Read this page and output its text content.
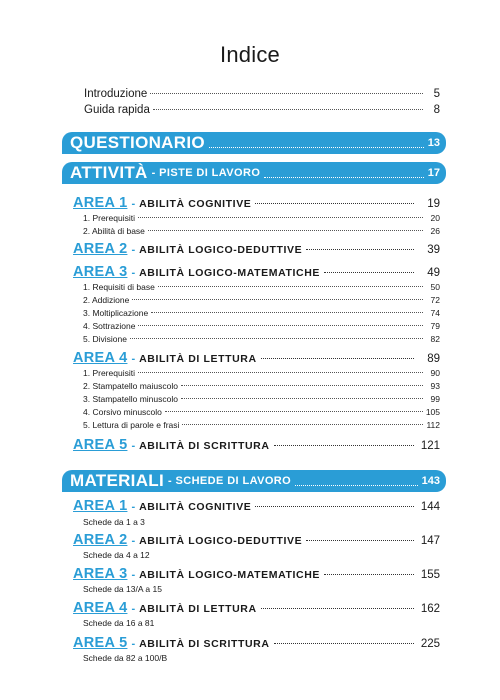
Indice
Introduzione	5
Guida rapida	8
QUESTIONARIO	13
ATTIVITÀ - PISTE DI LAVORO	17
AREA 1 - ABILITÀ COGNITIVE	19
1. Prerequisiti	20
2. Abilità di base	26
AREA 2 - ABILITÀ LOGICO-DEDUTTIVE	39
AREA 3 - ABILITÀ LOGICO-MATEMATICHE	49
1. Requisiti di base	50
2. Addizione	72
3. Moltiplicazione	74
4. Sottrazione	79
5. Divisione	82
AREA 4 - ABILITÀ DI LETTURA	89
1. Prerequisiti	90
2. Stampatello maiuscolo	93
3. Stampatello minuscolo	99
4. Corsivo minuscolo	105
5. Lettura di parole e frasi	112
AREA 5 - ABILITÀ DI SCRITTURA	121
MATERIALI - SCHEDE DI LAVORO	143
AREA 1 - ABILITÀ COGNITIVE	144
Schede da 1 a 3
AREA 2 - ABILITÀ LOGICO-DEDUTTIVE	147
Schede da 4 a 12
AREA 3 - ABILITÀ LOGICO-MATEMATICHE	155
Schede da 13/A a 15
AREA 4 - ABILITÀ DI LETTURA	162
Schede da 16 a 81
AREA 5 - ABILITÀ DI SCRITTURA	225
Schede da 82 a 100/B
